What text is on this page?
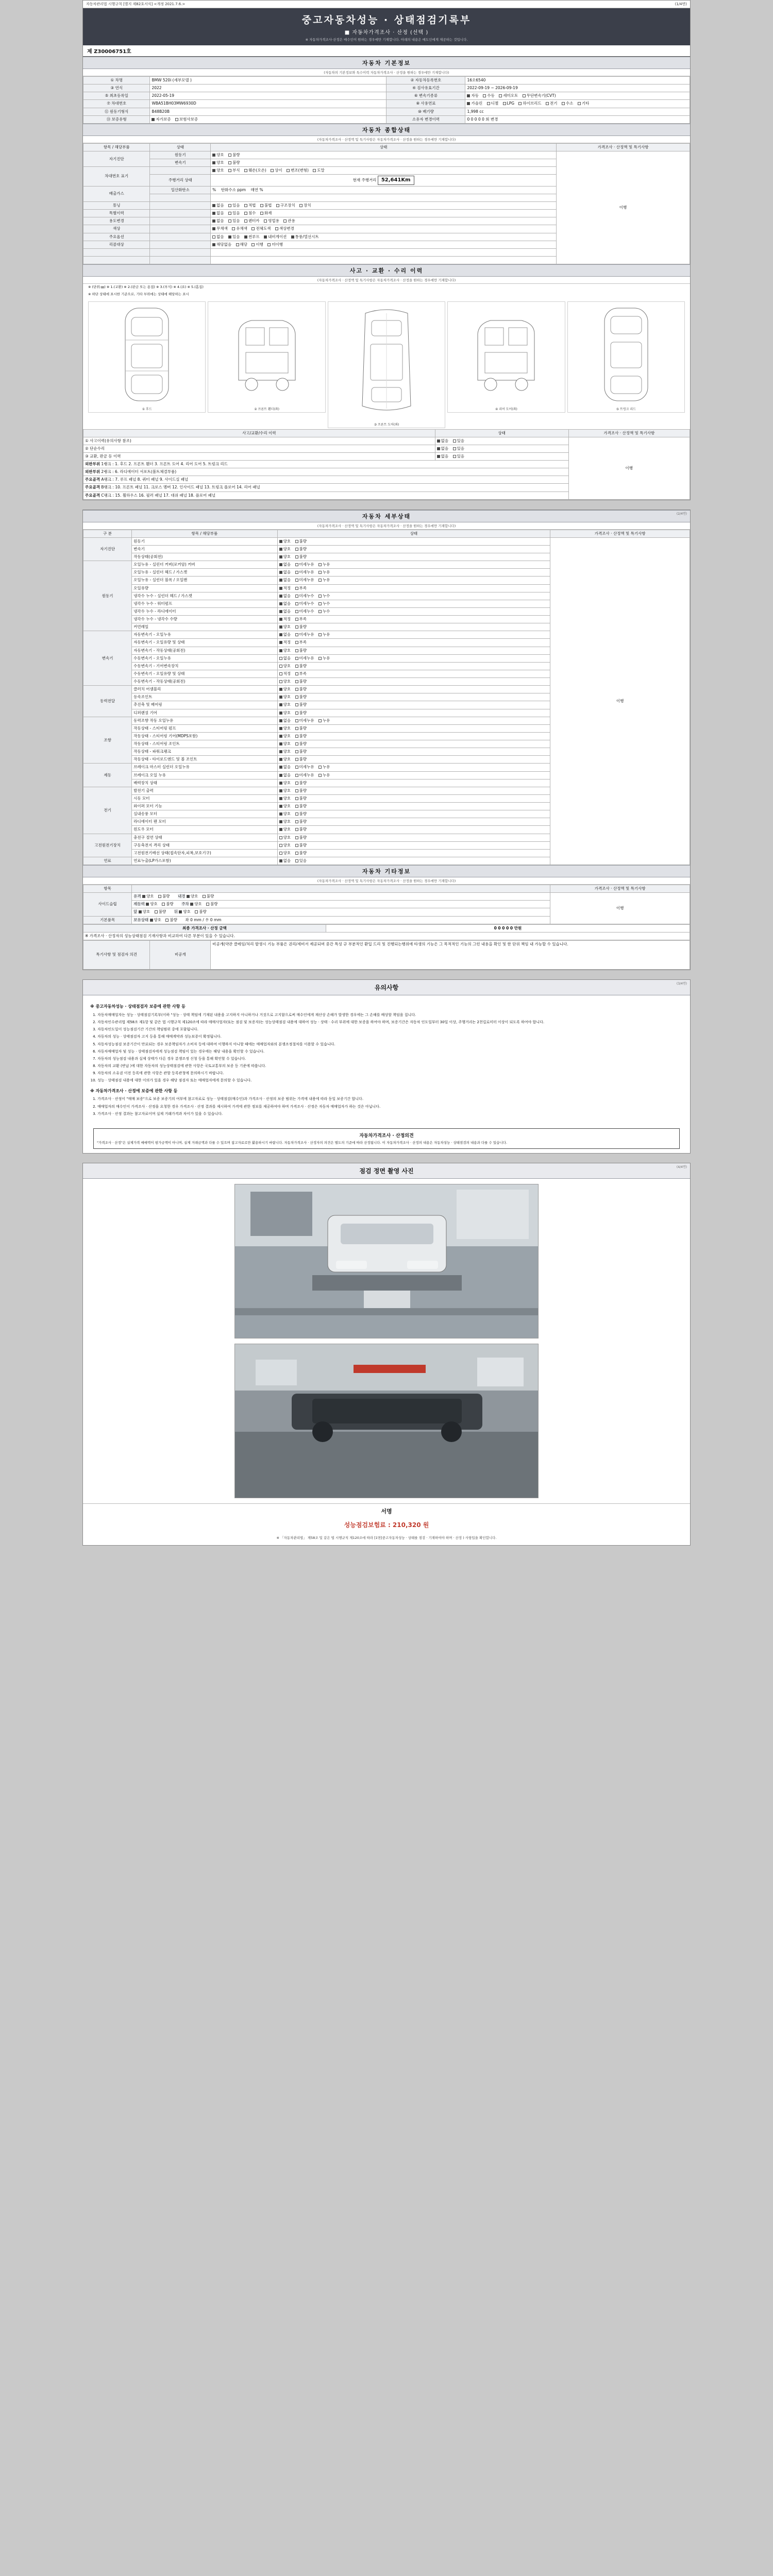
자동차관리법 시행규칙 [별지 제82호서식] <개정 2021.7.6.>	(1/4면)
중고자동차성능 · 상태점검기록부
■ 자동차가격조사 · 산정 (선택 )
※ 자동차가격조사·산정은 매수인이 원하는 경우에만 기재합니다. 아래의 내용은 매도인에게 제공하는 것입니다.
제 Z30006751호
자동차 기본정보
(자동차의 기본정보와 특수이력 자동차가격조사 · 산정을 원하는 경우에만 기재합니다)
① 차명	BMW 520i (세부모델 )	② 자동차등록번호	16오6540
③ 연식	2022	④ 검사유효기간	2022-09-19 ~ 2026-09-19
⑤ 최초등록일	2022-05-19	⑥ 변속기종류	자동 수동 세미오토 무단변속기(CVT)
⑦ 차대번호	WBA51BH03MW6930D	⑧ 사용연료	가솔린 디젤 LPG 하이브리드 전기 수소 기타
⑪ 원동기형식	B48B20B	⑩ 배기량	1,998 cc
⑬ 보증유형	자가보증 보험사보증	소유자 변경이력	0 0 0 0 0 회 변경
자동차 종합상태
(자동차가격조사 · 산정액 및 특기사항은 자동차가격조사 · 산정을 원하는 경우에만 기재합니다)
항목 / 해당부품	상태	상태	가격조사 · 산정액 및 특기사항
자기진단	원동기	양호 불량	이행
	변속기	양호 불량	
차대번호 표기		양호 부식 훼손(오손) 상이 변조(변형) 도말	
	주행거리 상태	현재 주행거리 52,641Km	
배출가스	일산화탄소	% 탄화수소 ppm 매연 %	

튜닝		없음 있음 적법 불법 구조장치 장치	
특별이력		없음 있음 침수 화재	
용도변경		없음 있음 렌터카 영업용 관용	
색상		무채색 유채색 전체도색 색상변경	
주요옵션		없음 있음 썬루프 내비게이션 통풍/열선시트	
리콜대상		해당없음 해당 이행 미이행	

사고 · 교환 · 수리 이력
(자동차가격조사 · 산정액 및 특기사항은 자동차가격조사 · 산정을 원하는 경우에만 기재합니다)
※ (단위:㎜) ※ 1.(교환) ※ 2.(판금 또는 용접) ※ 3.(부식) ※ 4.(요) ※ 5.(흠집)
※ 하단 상태에 표시한 기준으로, 기타 부위에는 상태에 해당하는 표시
① 후드	② 프론트 휀더(좌)
③ 프론트 도어(좌)
④ 리어 도어(좌)	⑤ 트렁크 리드
사고/교환/수리 이력	상태	가격조사 · 산정액 및 특기사항
① 사고이력(유의사항 참조)	없음 있음	이행
② 단순수리	없음 있음	
③ 교환, 판금 등 이력	없음 있음	
외판부위 1랭크 : 1. 후드 2. 프론트 휀더 3. 프론트 도어 4. 리어 도어 5. 트렁크 리드		
외판부위 2랭크 : 6. 라디에이터 서포트(볼트체결부품)		
주요골격 A랭크 : 7. 루프 패널 8. 쿼터 패널 9. 사이드실 패널		
주요골격 B랭크 : 10. 프론트 패널 11. 크로스 멤버 12. 인사이드 패널 13. 트렁크 플로어 14. 리어 패널		
주요골격 C랭크 : 15. 휠하우스 16. 필러 패널 17. 대쉬 패널 18. 플로어 패널		
(2/4면)
자동차 세부상태
(자동차가격조사 · 산정액 및 특기사항은 자동차가격조사 · 산정을 원하는 경우에만 기재합니다)
구 분	항목 / 해당부품	상태	가격조사 · 산정액 및 특기사항
자기진단	원동기	양호 불량	이행
	변속기	양호 불량	
	작동상태(공회전)	양호 불량	
원동기	오일누유 - 실린더 커버(로커암) 커버	없음 미세누유 누유	
	오일누유 - 실린더 헤드 / 가스켓	없음 미세누유 누유	
	오일누유 - 실린더 블록 / 오일팬	없음 미세누유 누유	
	오일유량	적정 부족	
	냉각수 누수 - 실린더 헤드 / 가스켓	없음 미세누수 누수	
	냉각수 누수 - 워터펌프	없음 미세누수 누수	
	냉각수 누수 - 라디에이터	없음 미세누수 누수	
	냉각수 누수 - 냉각수 수량	적정 부족	
	커먼레일	양호 불량	
변속기	자동변속기 - 오일누유	없음 미세누유 누유	
	자동변속기 - 오일유량 및 상태	적정 부족	
	자동변속기 - 작동상태(공회전)	양호 불량	
	수동변속기 - 오일누유	없음 미세누유 누유	
	수동변속기 - 기어변속장치	양호 불량	
	수동변속기 - 오일유량 및 상태	적정 부족	
	수동변속기 - 작동상태(공회전)	양호 불량	
동력전달	클러치 어셈블리	양호 불량	
	등속조인트	양호 불량	
	추진축 및 베어링	양호 불량	
	디퍼렌셜 기어	양호 불량	
조향	동력조향 작동 오일누유	없음 미세누유 누유	
	작동상태 - 스티어링 펌프	양호 불량	
	작동상태 - 스티어링 기어(MDPS포함)	양호 불량	
	작동상태 - 스티어링 조인트	양호 불량	
	작동상태 - 파워크랭크	양호 불량	
	작동상태 - 타이로드엔드 및 볼 조인트	양호 불량	
제동	브레이크 마스터 실린더 오일누유	없음 미세누유 누유	
	브레이크 오일 누유	없음 미세누유 누유	
	배력장치 상태	양호 불량	
전기	발전기 출력	양호 불량	
	시동 모터	양호 불량	
	와이퍼 모터 기능	양호 불량	
	실내송풍 모터	양호 불량	
	라디에이터 팬 모터	양호 불량	
	윈도우 모터	양호 불량	
고전원전기장치	충전구 절연 상태	양호 불량	
	구동축전지 격리 상태	양호 불량	
	고전원전기배선 상태(접속단자,피복,보호기구)	양호 불량	
연료	연료누출(LP가스포함)	없음 있음	
자동차 기타정보
(자동차가격조사 · 산정액 및 특기사항은 자동차가격조사 · 산정을 원하는 경우에만 기재합니다)
항목		가격조사 · 산정액 및 특기사항
사이드슬립	유격 양호 불량 내경 양호 불량	이행
	제동력 양호 불량 주차 양호 불량	
	앞 양호 불량 뒤 양호 불량	
기본품목	보유상태 양호 불량 좌 0 mm / 우 0 mm	
최종 가격조사 · 산정 금액	0 0 0 0 0 만원
※ 가격조사 · 산정자의 성능상태점검 기재사항과 비교하여 다른 부분이 있을 수 있습니다.
특기사항 및 점검자 의견	비공개	비공개(약관 클레임/처리 발생시 기능 부품은 권리/세비서 제공되며 중간 특성 규 부분적인 환입 드리 및 진행되는행위에 타생의 기능은 그 목적적인 기능의 그런 내용을 확인 및 한 단위 책임 내 가능할 수 있습니다.
(3/4면)
유의사항
※ 중고자동차성능 · 상태점검자 보증에 관한 사항 등
1. 자동차매매업자는 성능 · 상태점검기록부(이하 "성능 · 상태 책임에 기재된 내용을 고지하지 아니하거나 거짓으로 고지함으로써 매수인에게 재산상 손해가 발생한 경우에는 그 손해를 배상할 책임을 집니다.
2. 자동차인수관리법 제58조 제1항 및 같은 법 시행규칙 제120조에 따라 매매사업자(또는 점검 및 보증자)는 성능상태점검 내용에 대하여 성능 · 상태 · 수리 부위에 대한 보증을 하여야 하며, 보증기간은 자동차 인도일부터 30일 이상, 주행거리는 2천킬로미터 이상이 되도록 하여야 합니다.
3. 자동차인도일이 성능점검기간 기간의 책임범위 중에 포함됩니다.
4. 자동차의 성능 · 상태점검자 고지 등을 통해 매매계약과 성능보증이 확정됩니다.
5. 자동차성능점검 보증기간이 만료되는 경우 보증책임자가 소비자 등에 대하여 이행하지 아니할 때에는 매매업자와의 분쟁조정절차를 이용할 수 있습니다.
6. 자동차매매업자 및 성능 · 상태점검자에게 성능점검 책임이 있는 경우에는 해당 내용을 확인할 수 있습니다.
7. 자동차의 성능점검 내용과 실제 상태가 다른 경우 분쟁조정 신청 등을 통해 확인할 수 있습니다.
8. 자동차의 교환 (반납 )에 대한 자동차의 성능상태점검에 관한 사항은 국토교통부의 보증 등 기준에 따릅니다.
9. 자동차의 소유권 이전 등록에 관한 사항은 관할 등록관청에 문의하시기 바랍니다.
10. 성능 · 상태점검 내용에 대한 이의가 있을 경우 해당 점검자 또는 매매업자에게 문의할 수 있습니다.
※ 자동차가격조사 · 산정에 보증에 관한 사항 등
1. 가격조사 · 산정이 "매매 보증"으로 보증 보증기의 여부에 참고자료로 성능 · 상태점검(매수인)과 가격조사 · 산정의 보증 범위는 가격에 내용에 따라 동일 보증기간 합니다.
2. 매매업자의 매수인이 가격조사 · 산정을 요청한 경우 가격조사 · 산정 결과를 제시하여 가격에 관한 정보를 제공하여야 하며 가격조사 · 산정은 자동차 매매업자가 하는 것은 아닙니다.
3. 가격조사 · 산정 결과는 참고자료이며 실제 거래가격과 차이가 있을 수 있습니다.
자동차가격조사 · 산정의견
"가격조사 · 산정"은 실제가격 매매액이 평가금액이 아니며, 실제 거래금액과 다를 수 있으며 참고자료로만 활용하시기 바랍니다. 자동차가격조사 · 산정자의 의견은 별도의 기준에 따라 산정됩니다. 이 자동차가격조사 · 산정의 내용은 자동차성능 · 상태점검의 내용과 다를 수 있습니다.
(4/4면)
점검 정면 촬영 사진
서명
성능점검보험료 : 210,320 원
※ 「자동차관리법」 제58조 및 같은 법 시행규칙 제120조에 따라 [1면]중고자동차성능 · 상태를 점검 · 기재하여야 하며 · 산정 ) 사항입을 확인합니다.
